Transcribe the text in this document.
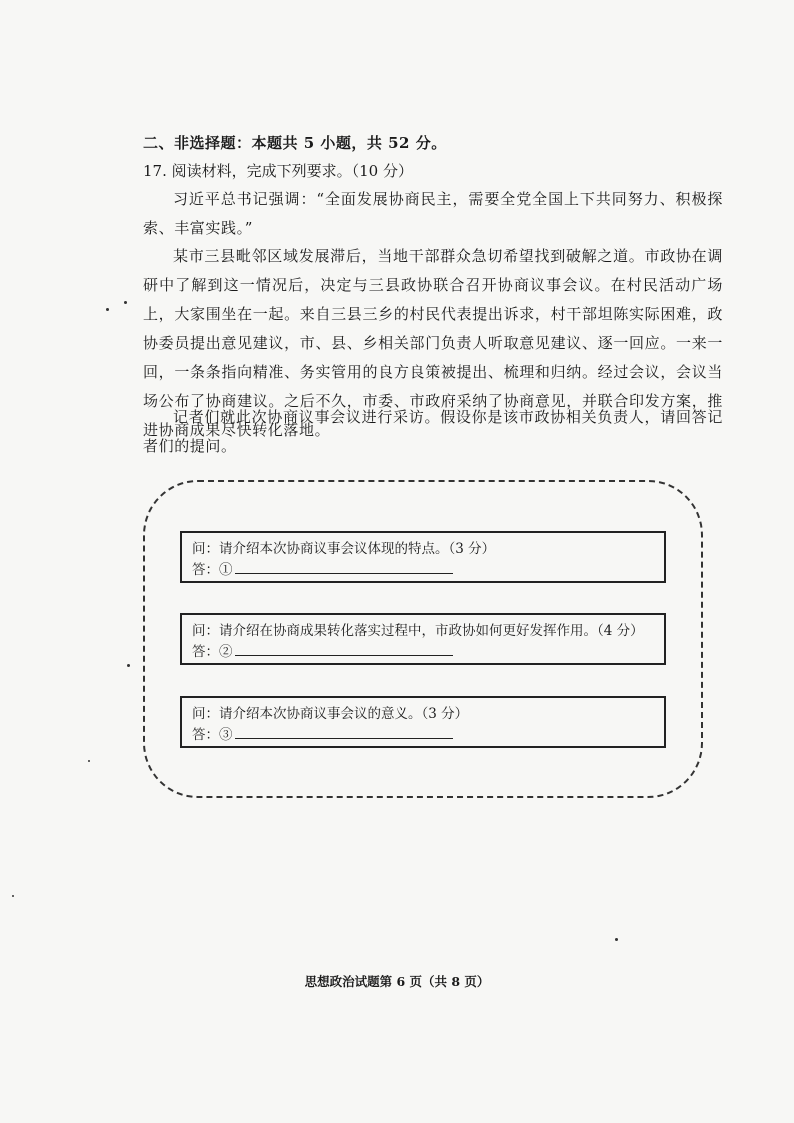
二、非选择题：本题共 5 小题，共 52 分。
17. 阅读材料，完成下列要求。（10 分）
习近平总书记强调：“全面发展协商民主，需要全党全国上下共同努力、积极探索、丰富实践。”
某市三县毗邻区域发展滞后，当地干部群众急切希望找到破解之道。市政协在调研中了解到这一情况后，决定与三县政协联合召开协商议事会议。在村民活动广场上，大家围坐在一起。来自三县三乡的村民代表提出诉求，村干部坦陈实际困难，政协委员提出意见建议，市、县、乡相关部门负责人听取意见建议、逐一回应。一来一回，一条条指向精准、务实管用的良方良策被提出、梳理和归纳。经过会议，会议当场公布了协商建议。之后不久，市委、市政府采纳了协商意见，并联合印发方案，推进协商成果尽快转化落地。
记者们就此次协商议事会议进行采访。假设你是该市政协相关负责人，请回答记者们的提问。
问：请介绍本次协商议事会议体现的特点。（3 分）
答：①
问：请介绍在协商成果转化落实过程中，市政协如何更好发挥作用。（4 分）
答：②
问：请介绍本次协商议事会议的意义。（3 分）
答：③
思想政治试题第 6 页（共 8 页）
